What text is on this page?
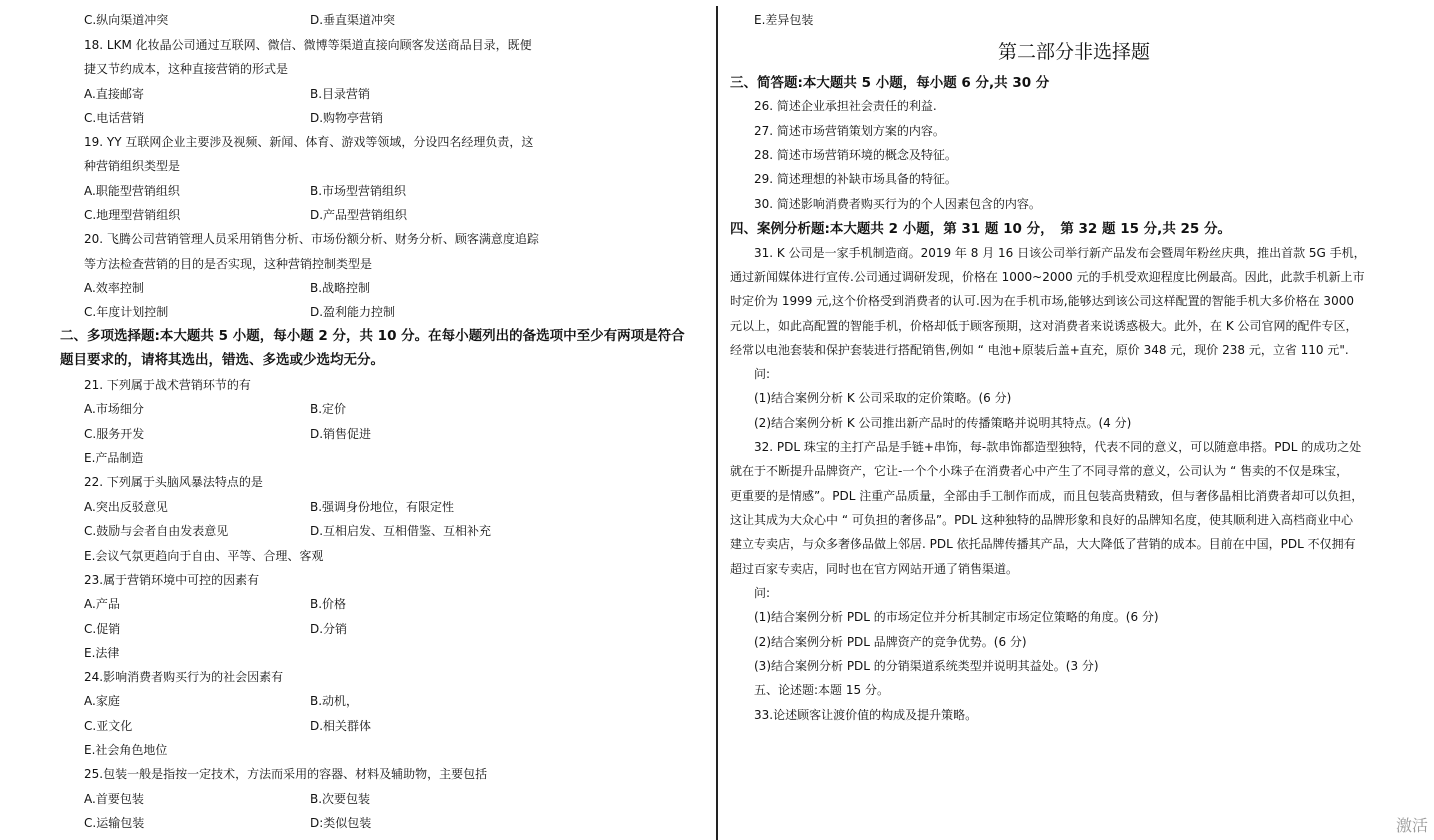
C.纵向渠道冲突	D.垂直渠道冲突
18. LKM 化妆晶公司通过互联网、微信、微博等渠道直接向顾客发送商品目录，既便
捷又节约成本，这种直接营销的形式是
A.直接邮寄	B.目录营销
C.电话营销	D.购物亭营销
19. YY 互联网企业主要涉及视频、新闻、体育、游戏等领域，分设四名经理负责，这
种营销组织类型是
A.职能型营销组织	B.市场型营销组织
C.地理型营销组织	D.产品型营销组织
20. 飞腾公司营销管理人员采用销售分析、市场份额分析、财务分析、顾客满意度追踪
等方法检查营销的目的是否实现，这种营销控制类型是
A.效率控制	B.战略控制
C.年度计划控制	D.盈利能力控制
二、多项选择题:本大题共 5 小题，每小题 2 分，共 10 分。在每小题列出的备选项中至少有两项是符合
题目要求的，请将其选出，错选、多选或少选均无分。
21. 下列属于战术营销环节的有
A.市场细分	B.定价
C.服务开发	D.销售促进
E.产品制造
22. 下列属于头脑风暴法特点的是
A.突出反驳意见	B.强调身份地位，有限定性
C.鼓励与会者自由发表意见	D.互相启发、互相借鉴、互相补充
E.会议气氛更趋向于自由、平等、合理、客观
23.属于营销环境中可控的因素有
A.产品	B.价格
C.促销	D.分销
E.法律
24.影响消费者购买行为的社会因素有
A.家庭	B.动机，
C.亚文化	D.相关群体
E.社会角色地位
25.包装一般是指按一定技术，方法而采用的容器、材料及辅助物，主要包括
A.首要包装	B.次要包装
C.运输包装	D:类似包装
E.差异包装
第二部分非选择题
三、简答题:本大题共 5 小题，每小题 6 分,共 30 分
26. 简述企业承担社会责任的利益.
27. 简述市场营销策划方案的内容。
28. 简述市场营销环境的概念及特征。
29. 简述理想的补缺市场具备的特征。
30. 简述影响消费者购买行为的个人因素包含的内容。
四、案例分析题:本大题共 2 小题，第 31 题 10 分，　第 32 题 15 分,共 25 分。
31. K 公司是一家手机制造商。2019 年 8 月 16 日该公司举行新产品发布会暨周年粉丝庆典，推出首款 5G 手机，
通过新闻媒体进行宣传.公司通过调研发现，价格在 1000~2000 元的手机受欢迎程度比例最高。因此，此款手机新上市
时定价为 1999 元,这个价格受到消费者的认可.因为在手机市场,能够达到该公司这样配置的智能手机大多价格在 3000
元以上，如此高配置的智能手机，价格却低于顾客预期，这对消费者来说诱惑极大。此外，在 K 公司官网的配件专区，
经常以电池套装和保护套装进行搭配销售,例如 “ 电池+原装后盖+直充，原价 348 元，现价 238 元，立省 110 元".
问:
(1)结合案例分析 K 公司采取的定价策略。(6 分)
(2)结合案例分析 K 公司推出新产品时的传播策略并说明其特点。(4 分)
32. PDL 珠宝的主打产品是手链+串饰，每-款串饰都造型独特，代表不同的意义，可以随意串搭。PDL 的成功之处
就在于不断提升品牌资产，它让-一个个小珠子在消费者心中产生了不同寻常的意义，公司认为 “ 售卖的不仅是珠宝，
更重要的是情感”。PDL 注重产品质量，全部由手工制作而成，而且包装高贵精致，但与奢侈晶相比消费者却可以负担，
这让其成为大众心中 “ 可负担的奢侈品”。PDL 这种独特的品牌形象和良好的品牌知名度，使其顺利进入高档商业中心
建立专卖店，与众多奢侈品做上邻居. PDL 依托品牌传播其产品，大大降低了营销的成本。目前在中国，PDL 不仅拥有
超过百家专卖店，同时也在官方网站开通了销售渠道。
问:
(1)结合案例分析 PDL 的市场定位并分析其制定市场定位策略的角度。(6 分)
(2)结合案例分析 PDL 品牌资产的竞争优势。(6 分)
(3)结合案例分析 PDL 的分销渠道系统类型并说明其益处。(3 分)
五、论述题:本题 15 分。
33.论述顾客让渡价值的构成及提升策略。
激活
